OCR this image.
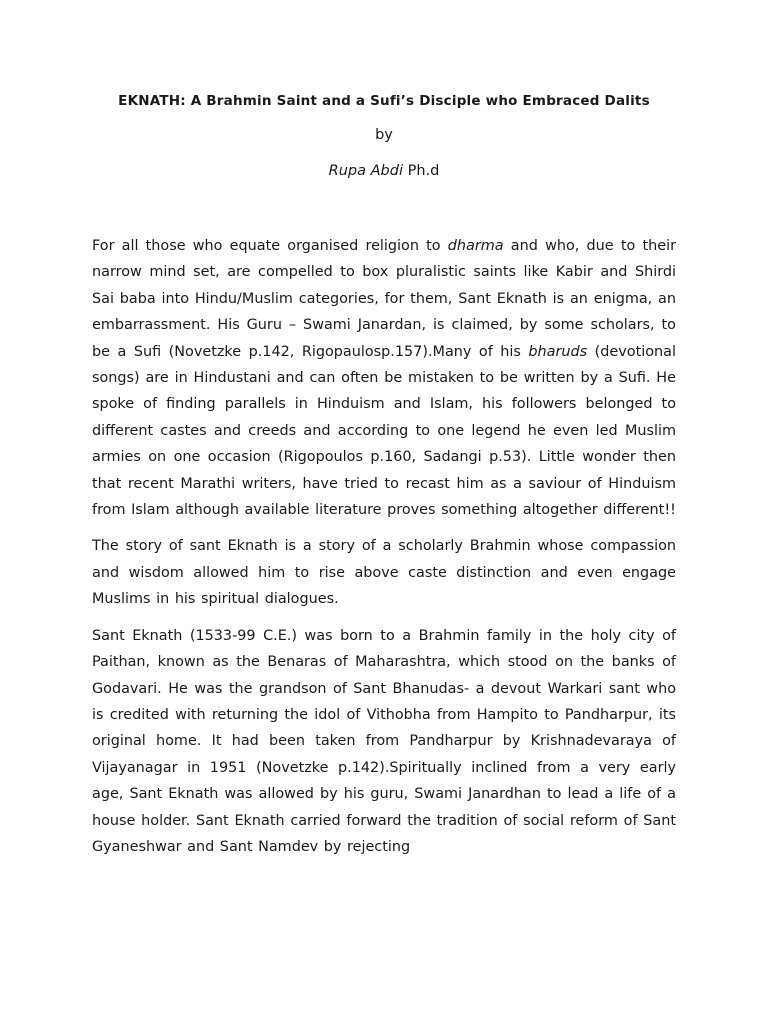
EKNATH: A Brahmin Saint and a Sufi’s Disciple who Embraced Dalits

by

Rupa Abdi Ph.d

For all those who equate organised religion to dharma and who, due to their narrow mind set, are compelled to box pluralistic saints like Kabir and Shirdi Sai baba into Hindu/Muslim categories, for them, Sant Eknath is an enigma, an embarrassment. His Guru – Swami Janardan, is claimed, by some scholars, to be a Sufi (Novetzke p.142, Rigopaulosp.157).Many of his bharuds (devotional songs) are in Hindustani and can often be mistaken to be written by a Sufi. He spoke of finding parallels in Hinduism and Islam, his followers belonged to different castes and creeds and according to one legend he even led Muslim armies on one occasion (Rigopoulos p.160, Sadangi p.53). Little wonder then that recent Marathi writers, have tried to recast him as a saviour of Hinduism from Islam although available literature proves something altogether different!!

The story of sant Eknath is a story of a scholarly Brahmin whose compassion and wisdom allowed him to rise above caste distinction and even engage Muslims in his spiritual dialogues.

Sant Eknath (1533-99 C.E.) was born to a Brahmin family in the holy city of Paithan, known as the Benaras of Maharashtra, which stood on the banks of Godavari. He was the grandson of Sant Bhanudas- a devout Warkari sant who is credited with returning the idol of Vithobha from Hampito to Pandharpur, its original home. It had been taken from Pandharpur by Krishnadevaraya of Vijayanagar in 1951 (Novetzke p.142).Spiritually inclined from a very early age, Sant Eknath was allowed by his guru, Swami Janardhan to lead a life of a house holder. Sant Eknath carried forward the tradition of social reform of Sant Gyaneshwar and Sant Namdev by rejecting
